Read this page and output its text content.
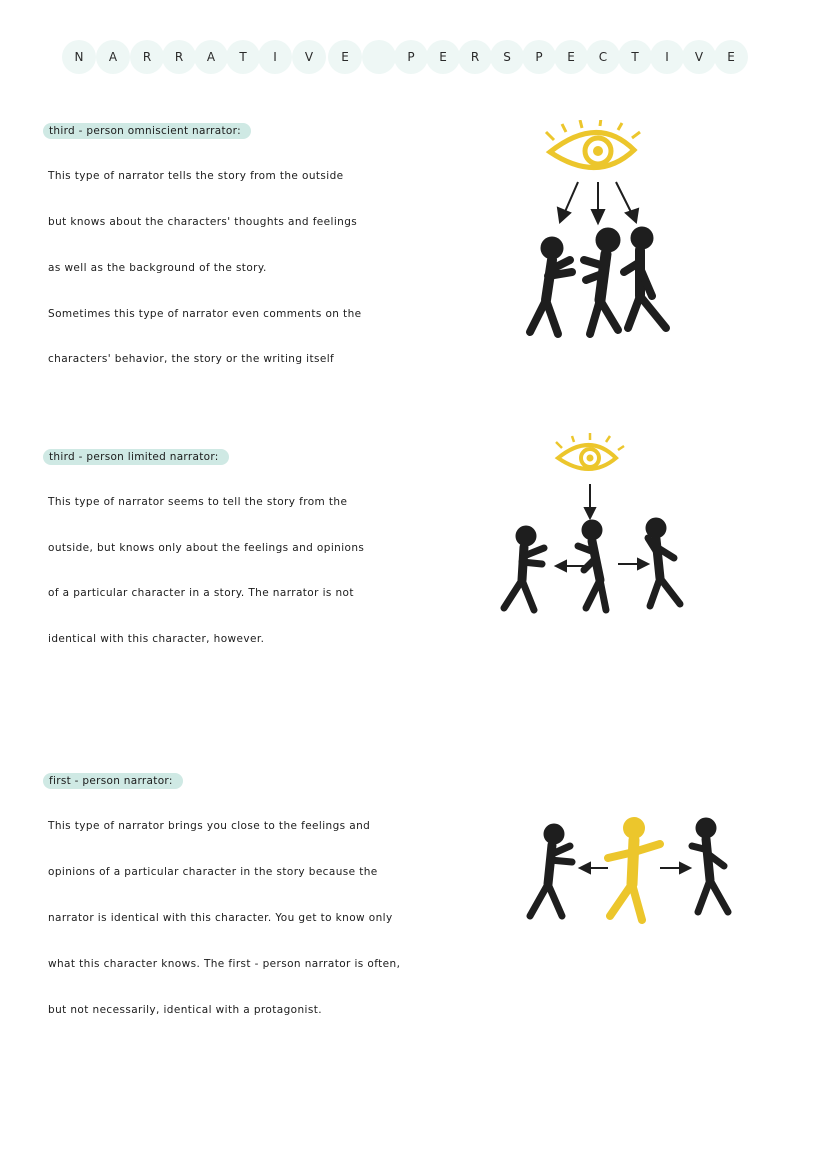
N	A	R	R	A	T	I	V	E	P	E	R	S	P	E	C	T	I	V	E
third - person omniscient narrator:
This type of narrator tells the story from the outside
but knows about the characters' thoughts and feelings
as well as the background of the story.
Sometimes this type of narrator even comments on the
characters' behavior, the story or the writing itself
third - person limited narrator:
This type of narrator seems to tell the story from the
outside, but knows only about the feelings and opinions
of a particular character in a story. The narrator is not
identical with this character, however.
first - person narrator:
This type of narrator brings you close to the feelings and
opinions of a particular character in the story because the
narrator is identical with this character. You get to know only
what this character knows. The first - person narrator is often,
but not necessarily, identical with a protagonist.
